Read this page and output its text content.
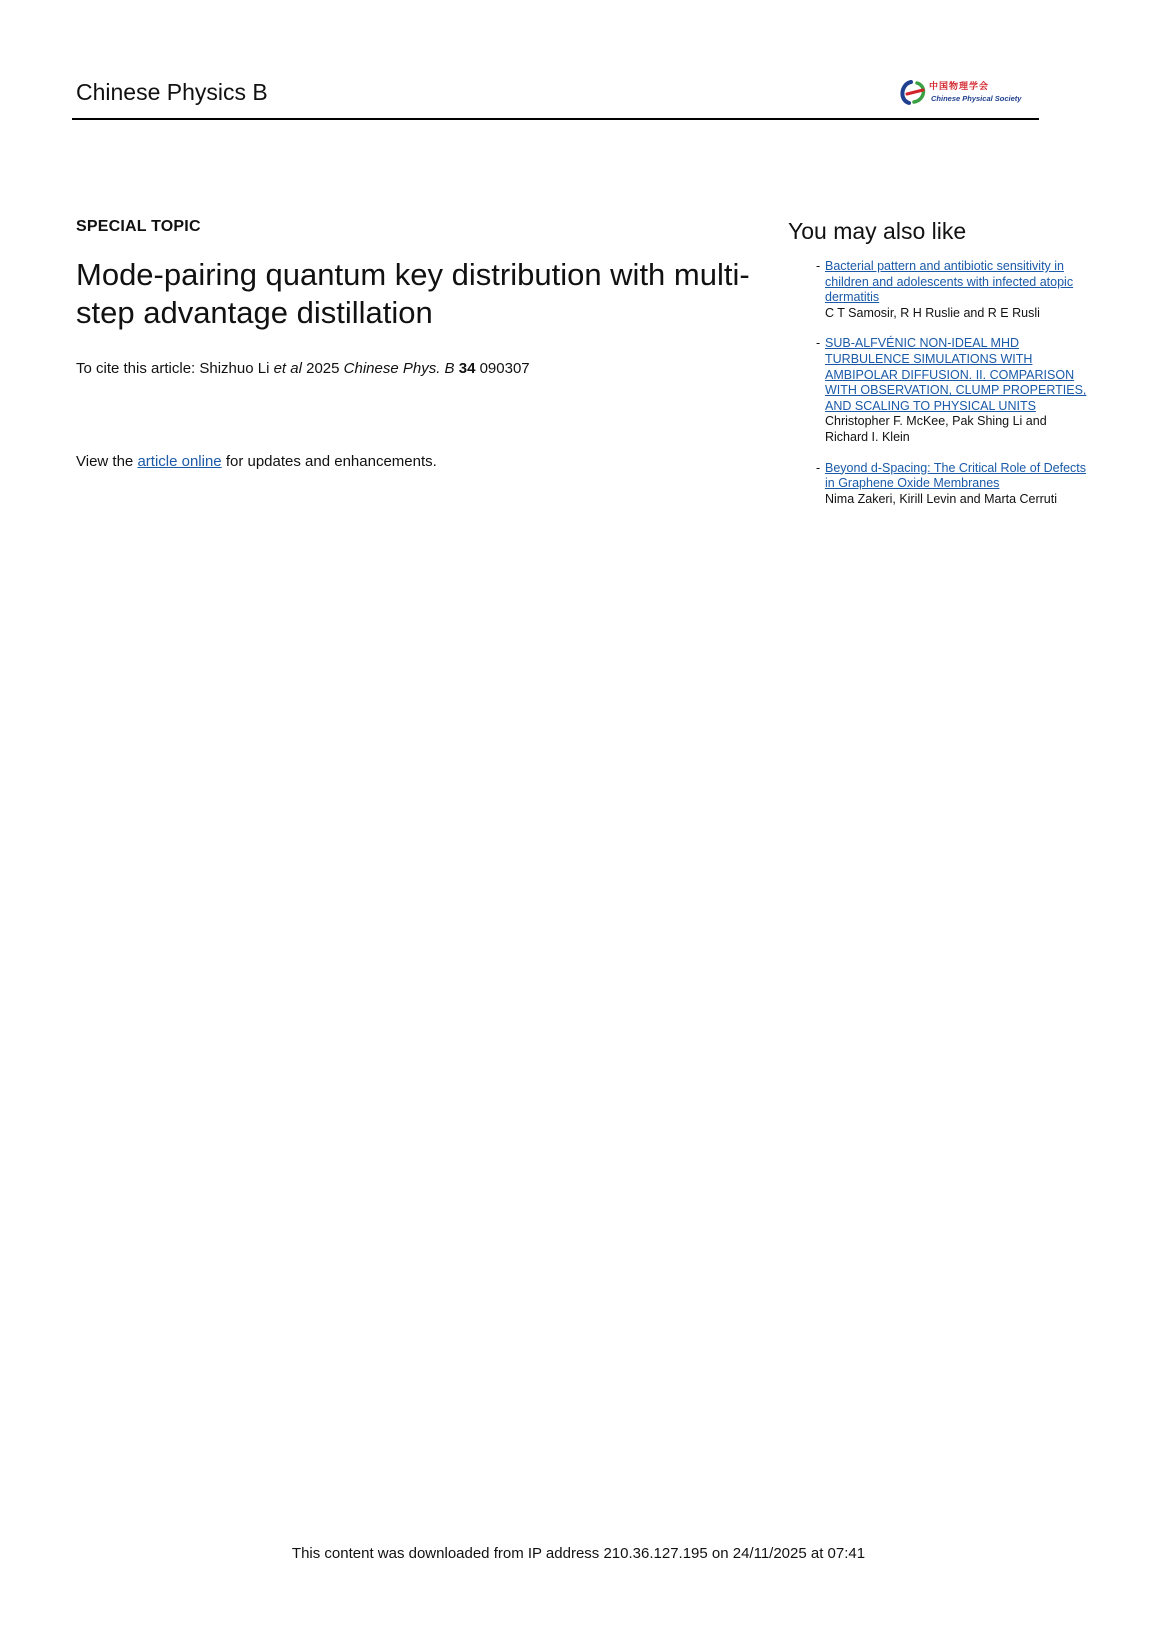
Chinese Physics B	中国物理学会
Chinese Physical Society
SPECIAL TOPIC
Mode-pairing quantum key distribution with multi-step advantage distillation
To cite this article: Shizhuo Li et al 2025 Chinese Phys. B 34 090307
View the article online for updates and enhancements.
You may also like
- Bacterial pattern and antibiotic sensitivity in children and adolescents with infected atopic dermatitis
C T Samosir, R H Ruslie and R E Rusli
- SUB-ALFVÉNIC NON-IDEAL MHD TURBULENCE SIMULATIONS WITH AMBIPOLAR DIFFUSION. II. COMPARISON WITH OBSERVATION, CLUMP PROPERTIES, AND SCALING TO PHYSICAL UNITS
Christopher F. McKee, Pak Shing Li and Richard I. Klein
- Beyond d-Spacing: The Critical Role of Defects in Graphene Oxide Membranes
Nima Zakeri, Kirill Levin and Marta Cerruti
This content was downloaded from IP address 210.36.127.195 on 24/11/2025 at 07:41
